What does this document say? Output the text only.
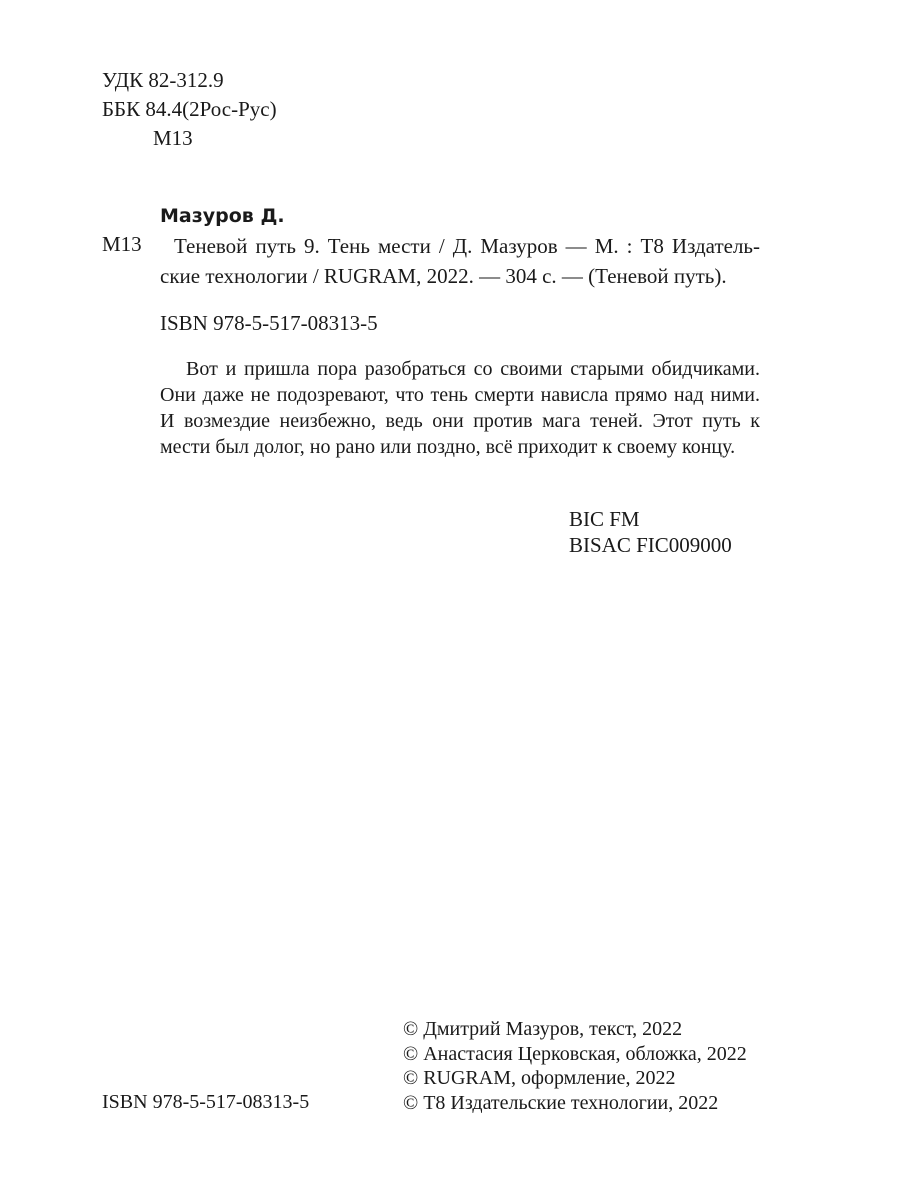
УДК 82-312.9
ББК 84.4(2Рос-Рус)
М13
Мазуров Д.
М13	Теневой путь 9. Тень мести / Д. Мазуров — М. : Т8 Издатель-ские технологии / RUGRAM, 2022. — 304 с. — (Теневой путь).
ISBN 978-5-517-08313-5
Вот и пришла пора разобраться со своими старыми обидчиками. Они даже не подозревают, что тень смерти нависла прямо над ними. И возмездие неизбежно, ведь они против мага теней. Этот путь к мести был долог, но рано или поздно, всё приходит к своему концу.
BIC FM
BISAC FIC009000
ISBN 978-5-517-08313-5
© Дмитрий Мазуров, текст, 2022
© Анастасия Церковская, обложка, 2022
© RUGRAM, оформление, 2022
© Т8 Издательские технологии, 2022
